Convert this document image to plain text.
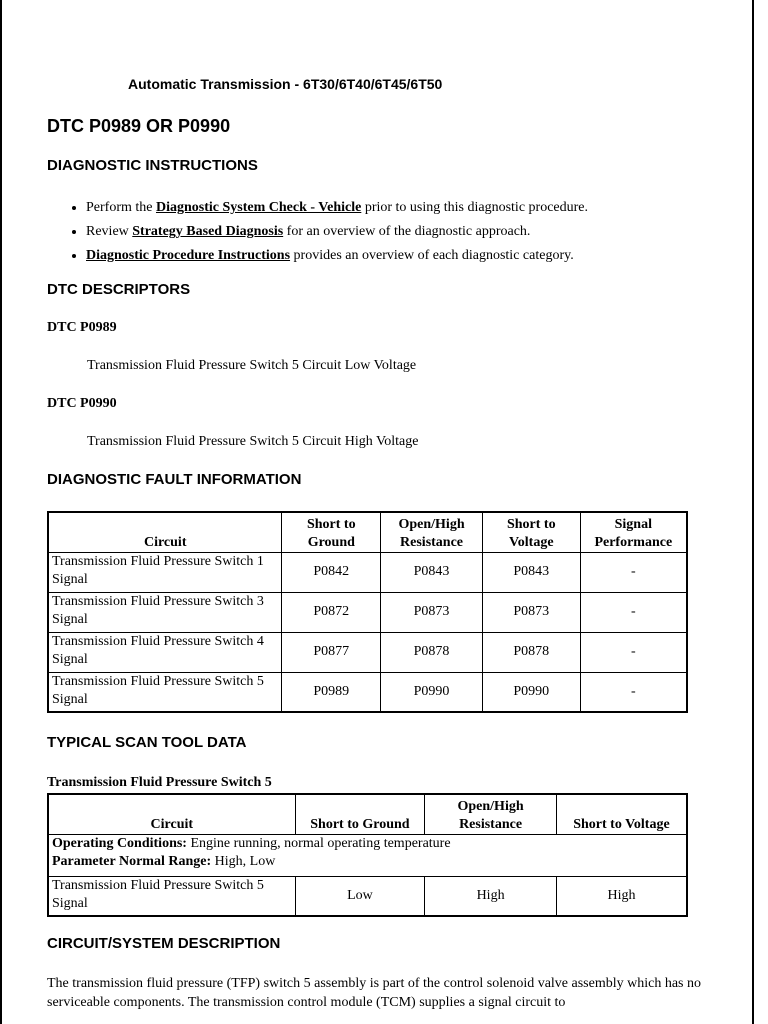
Automatic Transmission - 6T30/6T40/6T45/6T50
DTC P0989 OR P0990
DIAGNOSTIC INSTRUCTIONS
• Perform the Diagnostic System Check - Vehicle prior to using this diagnostic procedure.
• Review Strategy Based Diagnosis for an overview of the diagnostic approach.
• Diagnostic Procedure Instructions provides an overview of each diagnostic category.
DTC DESCRIPTORS
DTC P0989
Transmission Fluid Pressure Switch 5 Circuit Low Voltage
DTC P0990
Transmission Fluid Pressure Switch 5 Circuit High Voltage
DIAGNOSTIC FAULT INFORMATION
Circuit	Short to Ground	Open/High Resistance	Short to Voltage	Signal Performance
Transmission Fluid Pressure Switch 1 Signal	P0842	P0843	P0843	-
Transmission Fluid Pressure Switch 3 Signal	P0872	P0873	P0873	-
Transmission Fluid Pressure Switch 4 Signal	P0877	P0878	P0878	-
Transmission Fluid Pressure Switch 5 Signal	P0989	P0990	P0990	-
TYPICAL SCAN TOOL DATA
Transmission Fluid Pressure Switch 5
Circuit	Short to Ground	Open/High Resistance	Short to Voltage
Operating Conditions: Engine running, normal operating temperature
Parameter Normal Range: High, Low			
Transmission Fluid Pressure Switch 5 Signal	Low	High	High
CIRCUIT/SYSTEM DESCRIPTION
The transmission fluid pressure (TFP) switch 5 assembly is part of the control solenoid valve assembly which has no serviceable components. The transmission control module (TCM) supplies a signal circuit to
